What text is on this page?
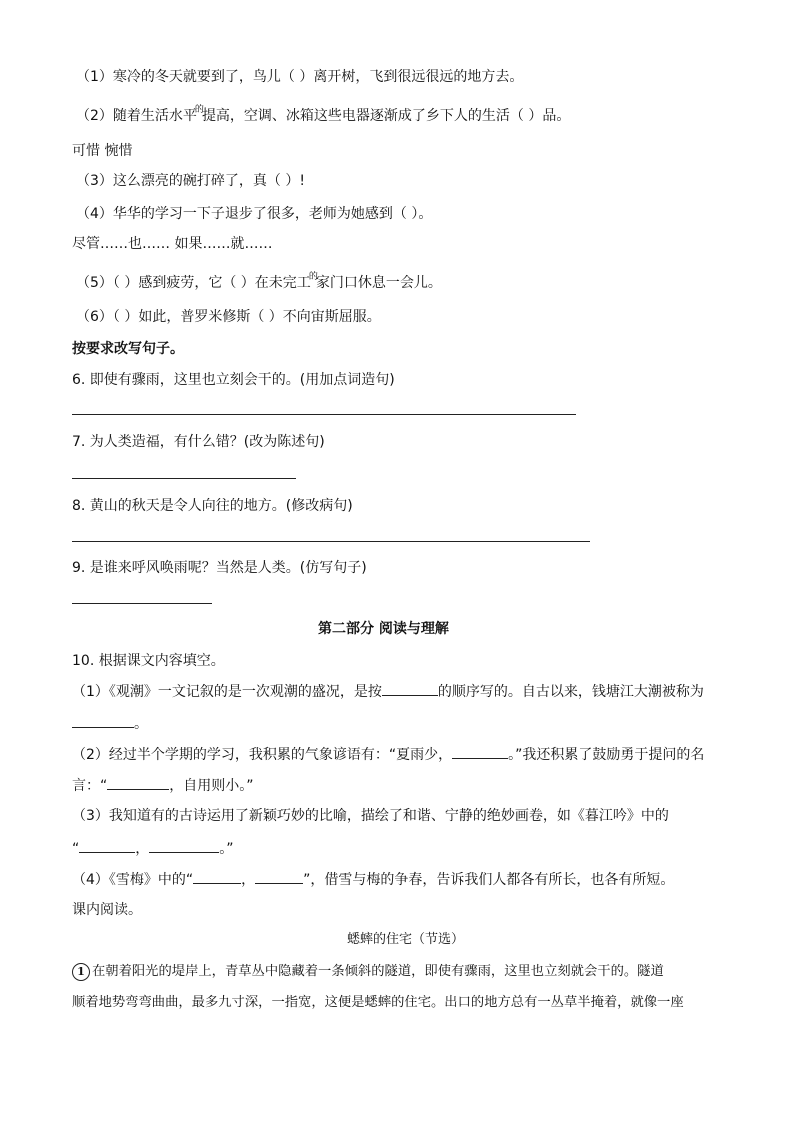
（1）寒冷的冬天就要到了，鸟儿（ ）离开树，飞到很远很远的地方去。
（2）随着生活水平$^的$提高，空调、冰箱这些电器逐渐成了乡下人的生活（ ）品。
可惜 惋惜
（3）这么漂亮的碗打碎了，真（ ）!
（4）华华的学习一下子退步了很多，老师为她感到（ ）。
尽管……也…… 如果……就……
（5）（ ）感到疲劳，它（ ）在未完工$^的$家门口休息一会儿。
（6）（ ）如此，普罗米修斯（ ）不向宙斯屈服。
按要求改写句子。
6. 即使有骤雨，这里也立刻会干的。(用加点词造句)
7. 为人类造福，有什么错？(改为陈述句)
8. 黄山的秋天是令人向往的地方。(修改病句)
9. 是谁来呼风唤雨呢？当然是人类。(仿写句子)
第二部分 阅读与理解
10. 根据课文内容填空。
（1）《观潮》一文记叙的是一次观潮的盛况，是按	的顺序写的。自古以来，钱塘江大潮被称为
。
（2）经过半个学期的学习，我积累的气象谚语有：“夏雨少，	。”我还积累了鼓励勇于提问的名
言：“	，自用则小。”
（3）我知道有的古诗运用了新颖巧妙的比喻，描绘了和谐、宁静的绝妙画卷，如《暮江吟》中的
“	，	。”
（4）《雪梅》中的“	，	”，借雪与梅的争春，告诉我们人都各有所长，也各有所短。
课内阅读。
蟋蟀的住宅（节选）
1 在朝着阳光的堤岸上，青草丛中隐藏着一条倾斜的隧道，即使有骤雨，这里也立刻就会干的。隧道
顺着地势弯弯曲曲，最多九寸深，一指宽，这便是蟋蟀的住宅。出口的地方总有一丛草半掩着，就像一座
